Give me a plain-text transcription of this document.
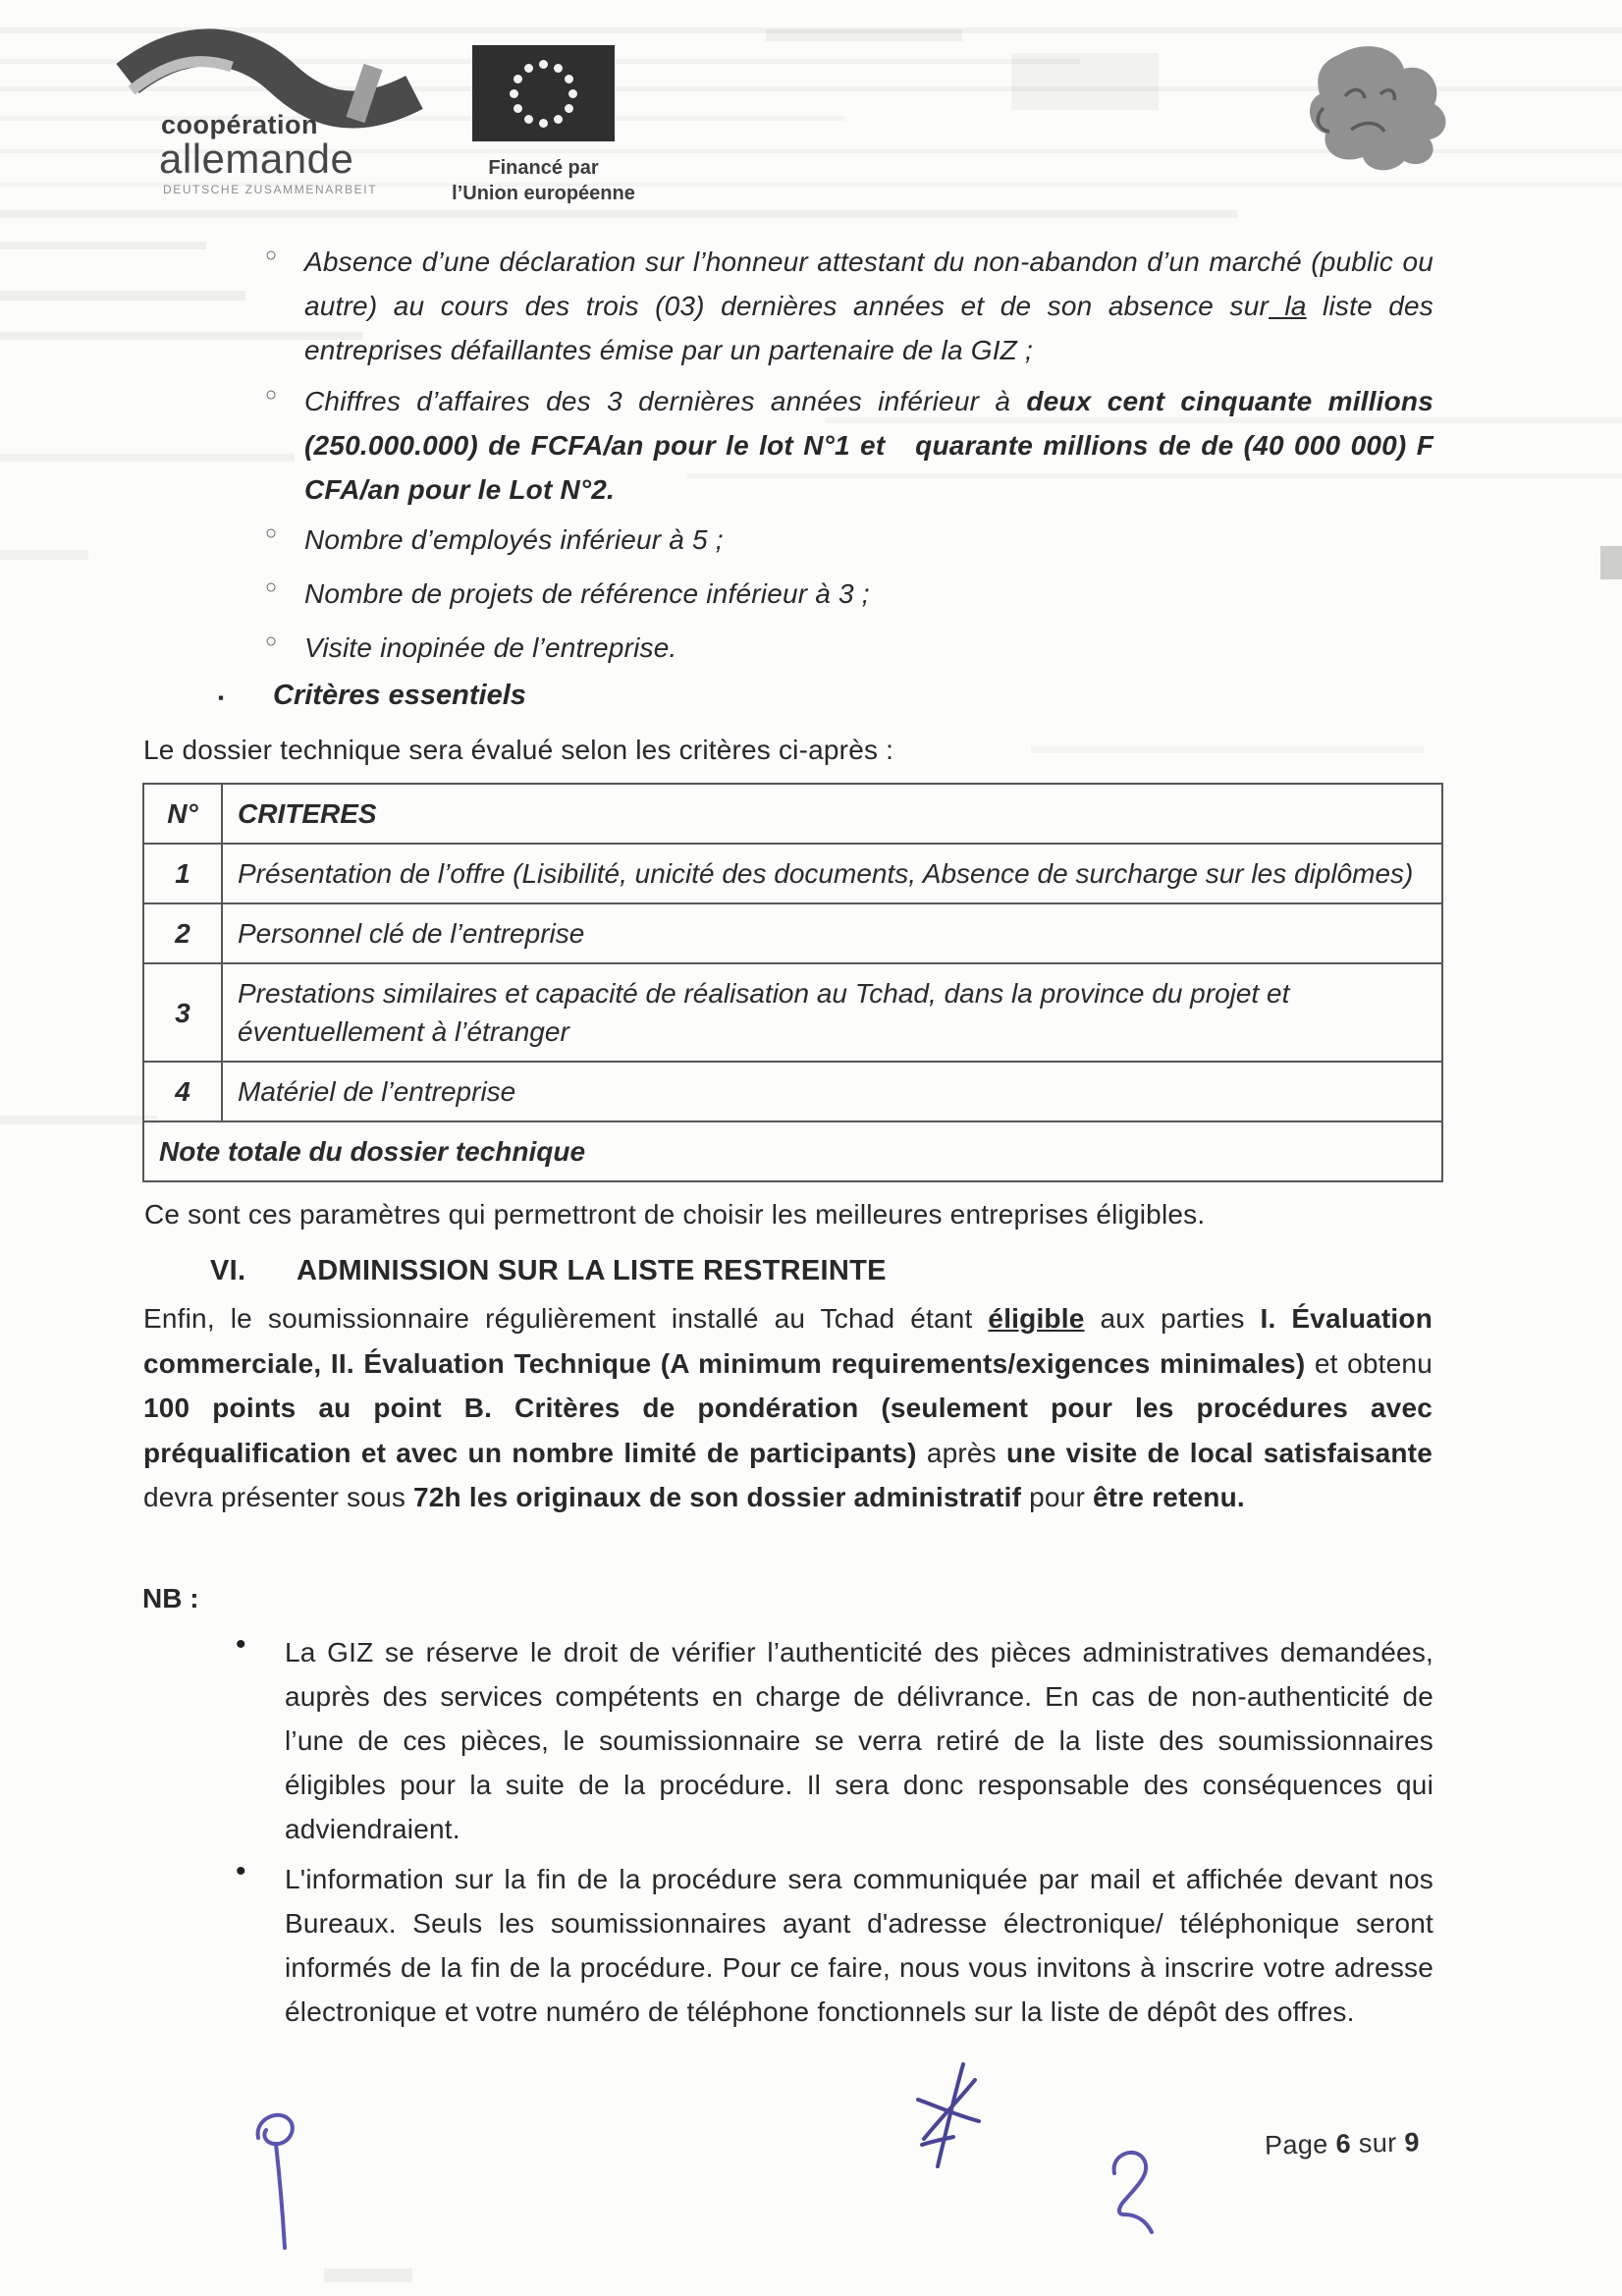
coopération
allemande
DEUTSCHE ZUSAMMENARBEIT
Financé par
l’Union européenne
○ Absence d’une déclaration sur l’honneur attestant du non-abandon d’un marché (public ou autre) au cours des trois (03) dernières années et de son absence sur la liste des entreprises défaillantes émise par un partenaire de la GIZ ;
○ Chiffres d’affaires des 3 dernières années inférieur à deux cent cinquante millions (250.000.000) de FCFA/an pour le lot N°1 et   quarante millions de de (40 000 000) F CFA/an pour le Lot N°2.
○ Nombre d’employés inférieur à 5 ;
○ Nombre de projets de référence inférieur à 3 ;
○ Visite inopinée de l’entreprise.
▪ Critères essentiels
Le dossier technique sera évalué selon les critères ci-après :
N°	CRITERES
1	Présentation de l’offre (Lisibilité, unicité des documents, Absence de surcharge sur les diplômes)
2	Personnel clé de l’entreprise
3	Prestations similaires et capacité de réalisation au Tchad, dans la province du projet et éventuellement à l’étranger
4	Matériel de l’entreprise
Note totale du dossier technique	
Ce sont ces paramètres qui permettront de choisir les meilleures entreprises éligibles.
VI.	ADMINISSION SUR LA LISTE RESTREINTE
Enfin, le soumissionnaire régulièrement installé au Tchad étant éligible aux parties I. Évaluation commerciale, II. Évaluation Technique (A minimum requirements/exigences minimales) et obtenu 100 points au point B. Critères de pondération (seulement pour les procédures avec préqualification et avec un nombre limité de participants) après une visite de local satisfaisante devra présenter sous 72h les originaux de son dossier administratif pour être retenu.
NB :
• La GIZ se réserve le droit de vérifier l’authenticité des pièces administratives demandées, auprès des services compétents en charge de délivrance. En cas de non-authenticité de l’une de ces pièces, le soumissionnaire se verra retiré de la liste des soumissionnaires éligibles pour la suite de la procédure. Il sera donc responsable des conséquences qui adviendraient.
• L'information sur la fin de la procédure sera communiquée par mail et affichée devant nos Bureaux. Seuls les soumissionnaires ayant d'adresse électronique/ téléphonique seront informés de la fin de la procédure. Pour ce faire, nous vous invitons à inscrire votre adresse électronique et votre numéro de téléphone fonctionnels sur la liste de dépôt des offres.
Page 6 sur 9
